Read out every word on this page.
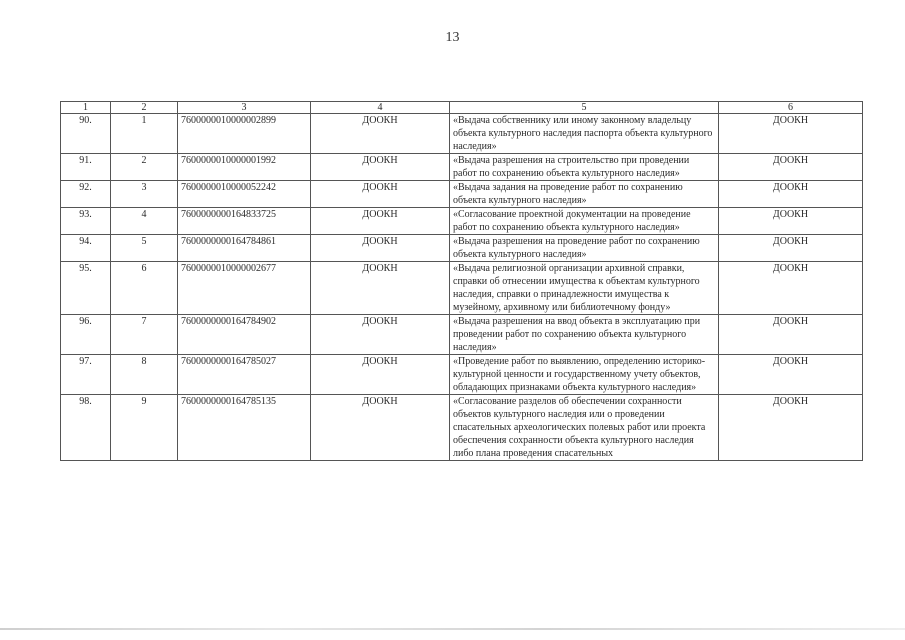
13
1	2	3	4	5	6
90.	1	7600000010000002899	ДООКН	«Выдача собственнику или иному законному владельцу объекта культурного наследия паспорта объекта культурного наследия»	ДООКН
91.	2	7600000010000001992	ДООКН	«Выдача разрешения на строительство при проведении работ по сохранению объекта культурного наследия»	ДООКН
92.	3	7600000010000052242	ДООКН	«Выдача задания на проведение работ по сохранению объекта культурного наследия»	ДООКН
93.	4	7600000000164833725	ДООКН	«Согласование проектной документации на проведение работ по сохранению объекта культурного наследия»	ДООКН
94.	5	7600000000164784861	ДООКН	«Выдача разрешения на проведение работ по сохранению объекта культурного наследия»	ДООКН
95.	6	7600000010000002677	ДООКН	«Выдача религиозной организации архивной справки, справки об отнесении имущества к объектам культурного наследия, справки о принадлежности имущества к музейному, архивному или библиотечному фонду»	ДООКН
96.	7	7600000000164784902	ДООКН	«Выдача разрешения на ввод объекта в эксплуатацию при проведении работ по сохранению объекта культурного наследия»	ДООКН
97.	8	7600000000164785027	ДООКН	«Проведение работ по выявлению, определению историко-культурной ценности и государственному учету объектов, обладающих признаками объекта культурного наследия»	ДООКН
98.	9	7600000000164785135	ДООКН	«Согласование разделов об обеспечении сохранности объектов культурного наследия или о проведении спасательных археологических полевых работ или проекта обеспечения сохранности объекта культурного наследия либо плана проведения спасательных	ДООКН
